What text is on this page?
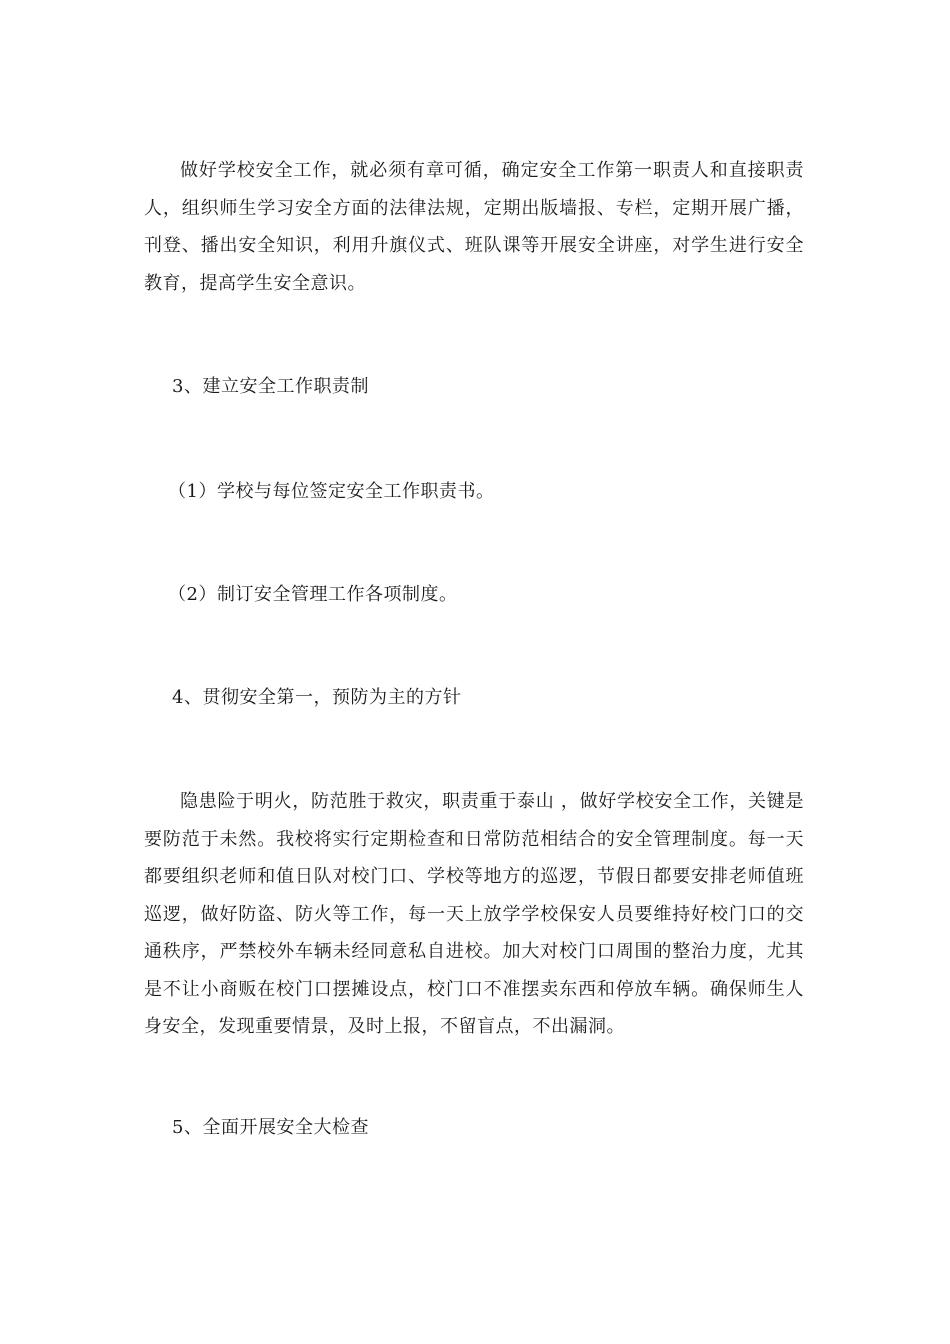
做好学校安全工作，就必须有章可循，确定安全工作第一职责人和直接职责人，组织师生学习安全方面的法律法规，定期出版墙报、专栏，定期开展广播，刊登、播出安全知识，利用升旗仪式、班队课等开展安全讲座，对学生进行安全教育，提高学生安全意识。

3、建立安全工作职责制

（1）学校与每位签定安全工作职责书。

（2）制订安全管理工作各项制度。

4、贯彻安全第一，预防为主的方针

隐患险于明火，防范胜于救灾，职责重于泰山 ，做好学校安全工作，关键是要防范于未然。我校将实行定期检查和日常防范相结合的安全管理制度。每一天都要组织老师和值日队对校门口、学校等地方的巡逻，节假日都要安排老师值班巡逻，做好防盗、防火等工作，每一天上放学学校保安人员要维持好校门口的交通秩序，严禁校外车辆未经同意私自进校。加大对校门口周围的整治力度，尤其是不让小商贩在校门口摆摊设点，校门口不准摆卖东西和停放车辆。确保师生人身安全，发现重要情景，及时上报，不留盲点，不出漏洞。

5、全面开展安全大检查
